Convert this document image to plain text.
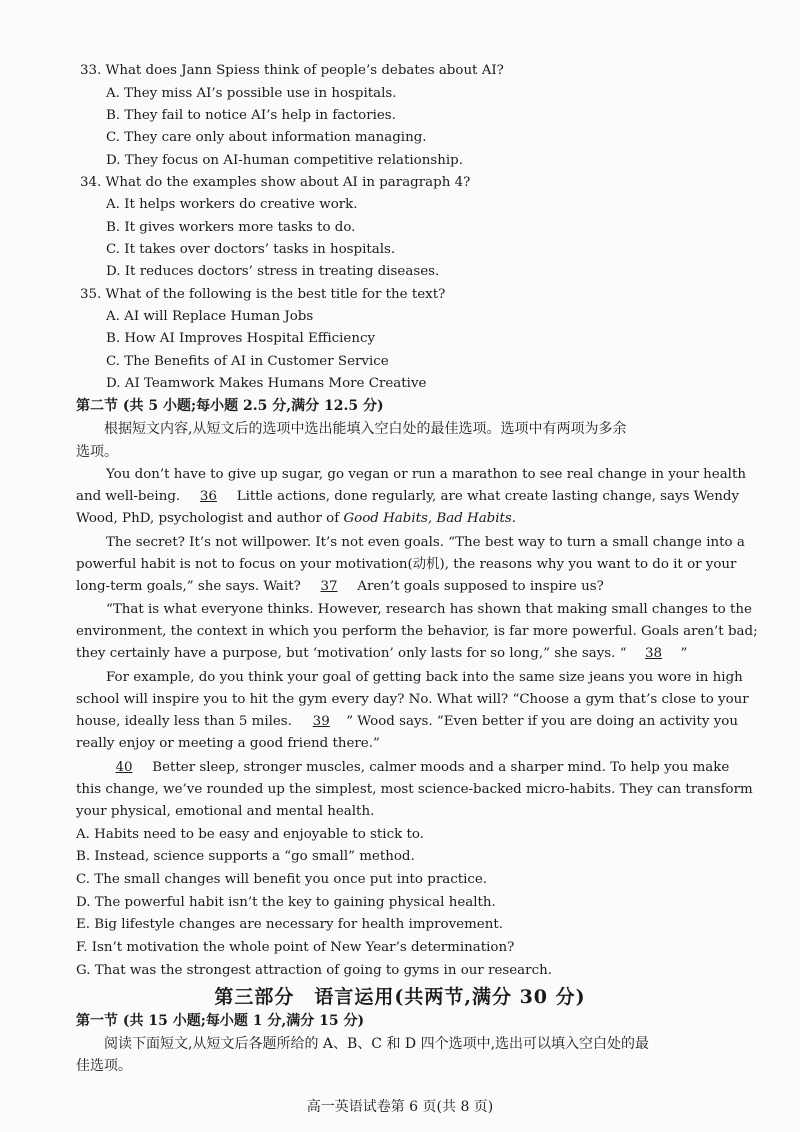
33. What does Jann Spiess think of people’s debates about AI?
A. They miss AI’s possible use in hospitals.
B. They fail to notice AI’s help in factories.
C. They care only about information managing.
D. They focus on AI-human competitive relationship.
34. What do the examples show about AI in paragraph 4?
A. It helps workers do creative work.
B. It gives workers more tasks to do.
C. It takes over doctors’ tasks in hospitals.
D. It reduces doctors’ stress in treating diseases.
35. What of the following is the best title for the text?
A. AI will Replace Human Jobs
B. How AI Improves Hospital Efficiency
C. The Benefits of AI in Customer Service
D. AI Teamwork Makes Humans More Creative
第二节 (共 5 小题;每小题 2.5 分,满分 12.5 分)
根据短文内容,从短文后的选项中选出能填入空白处的最佳选项。选项中有两项为多余
选项。
You don’t have to give up sugar, go vegan or run a marathon to see real change in your health
and well-being. 36 Little actions, done regularly, are what create lasting change, says Wendy
Wood, PhD, psychologist and author of Good Habits, Bad Habits.
The secret? It’s not willpower. It’s not even goals. “The best way to turn a small change into a
powerful habit is not to focus on your motivation(动机), the reasons why you want to do it or your
long-term goals,” she says. Wait? 37 Aren’t goals supposed to inspire us?
“That is what everyone thinks. However, research has shown that making small changes to the
environment, the context in which you perform the behavior, is far more powerful. Goals aren’t bad;
they certainly have a purpose, but ‘motivation’ only lasts for so long,” she says. “ 38 ”
For example, do you think your goal of getting back into the same size jeans you wore in high
school will inspire you to hit the gym every day? No. What will? “Choose a gym that’s close to your
house, ideally less than 5 miles. 39 ” Wood says. “Even better if you are doing an activity you
really enjoy or meeting a good friend there.”
40 Better sleep, stronger muscles, calmer moods and a sharper mind. To help you make
this change, we’ve rounded up the simplest, most science-backed micro-habits. They can transform
your physical, emotional and mental health.
A. Habits need to be easy and enjoyable to stick to.
B. Instead, science supports a “go small” method.
C. The small changes will benefit you once put into practice.
D. The powerful habit isn’t the key to gaining physical health.
E. Big lifestyle changes are necessary for health improvement.
F. Isn’t motivation the whole point of New Year’s determination?
G. That was the strongest attraction of going to gyms in our research.
第三部分　语言运用(共两节,满分 30 分)
第一节 (共 15 小题;每小题 1 分,满分 15 分)
阅读下面短文,从短文后各题所给的 A、B、C 和 D 四个选项中,选出可以填入空白处的最
佳选项。
高一英语试卷第 6 页(共 8 页)
